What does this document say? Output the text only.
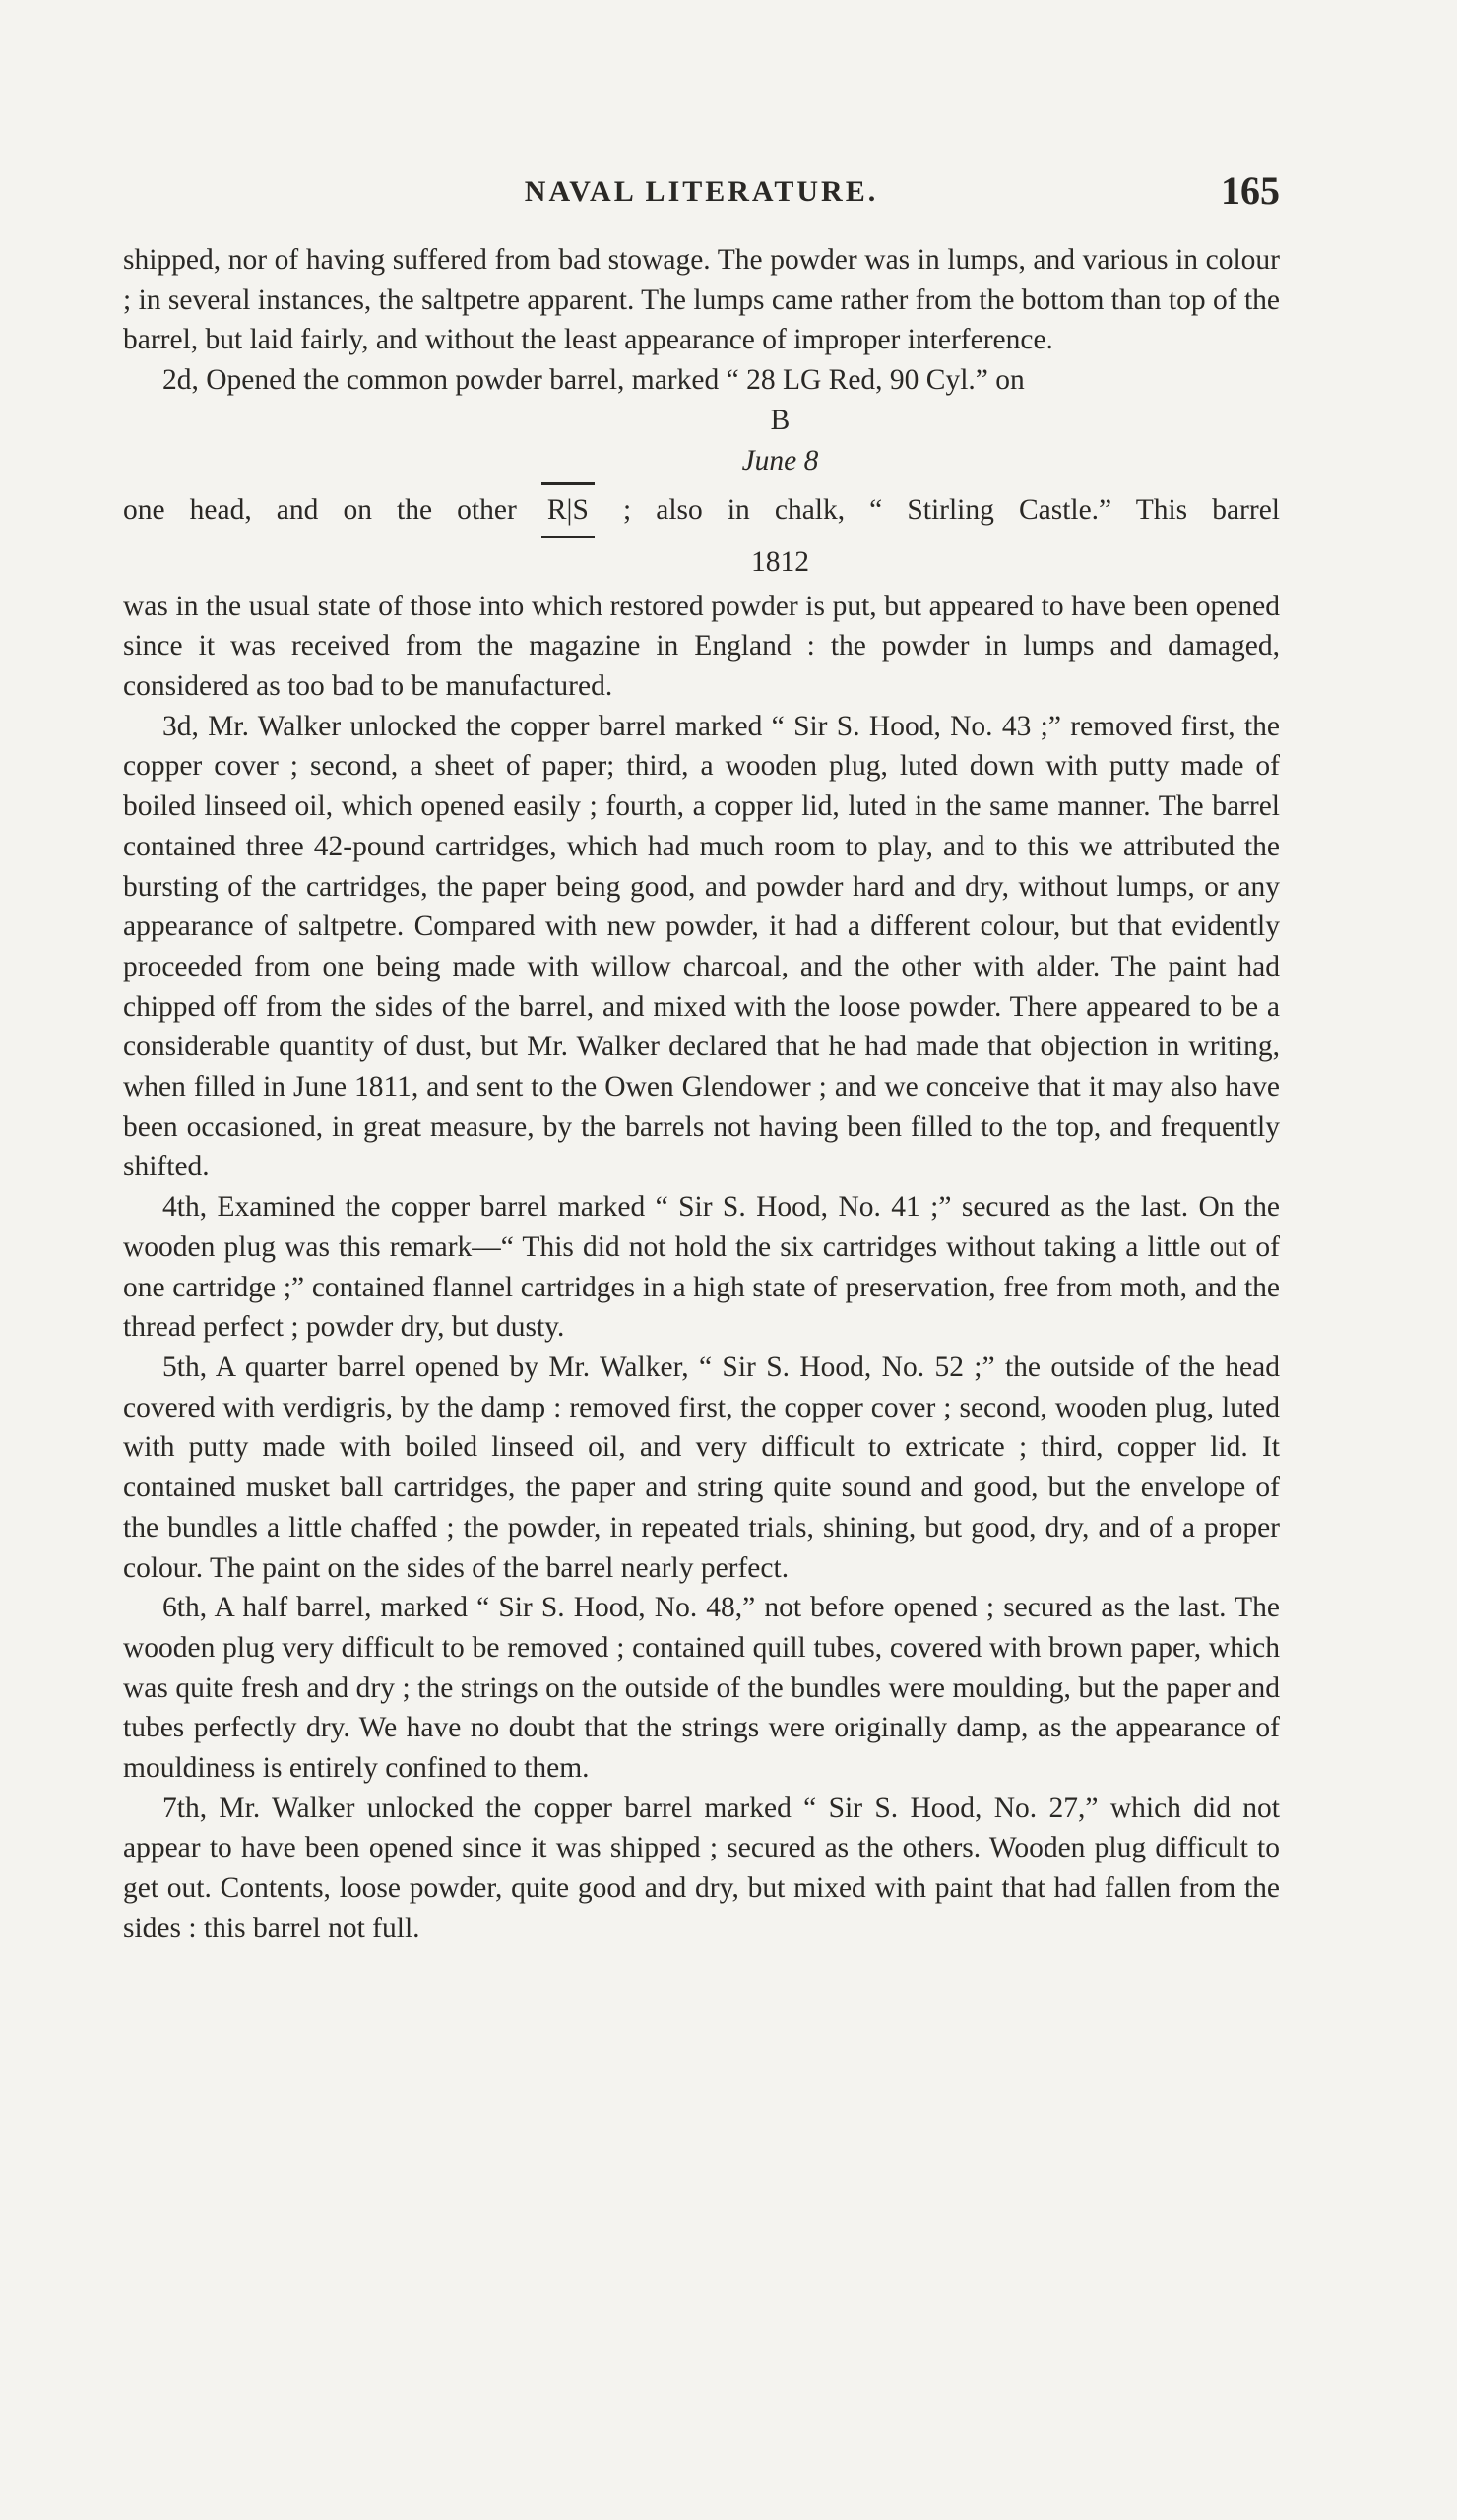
NAVAL LITERATURE.	165

shipped, nor of having suffered from bad stowage. The powder was in lumps, and various in colour ; in several instances, the saltpetre apparent. The lumps came rather from the bottom than top of the barrel, but laid fairly, and without the least appearance of improper interference.

2d, Opened the common powder barrel, marked “ 28 LG Red, 90 Cyl.” on

B
June 8
one head, and on the other R|S ; also in chalk, “ Stirling Castle.” This barrel
1812

was in the usual state of those into which restored powder is put, but appeared to have been opened since it was received from the magazine in England : the powder in lumps and damaged, considered as too bad to be manufactured.

3d, Mr. Walker unlocked the copper barrel marked “ Sir S. Hood, No. 43 ;” removed first, the copper cover ; second, a sheet of paper; third, a wooden plug, luted down with putty made of boiled linseed oil, which opened easily ; fourth, a copper lid, luted in the same manner. The barrel contained three 42-pound cartridges, which had much room to play, and to this we attributed the bursting of the cartridges, the paper being good, and powder hard and dry, without lumps, or any appearance of saltpetre. Compared with new powder, it had a different colour, but that evidently proceeded from one being made with willow charcoal, and the other with alder. The paint had chipped off from the sides of the barrel, and mixed with the loose powder. There appeared to be a considerable quantity of dust, but Mr. Walker declared that he had made that objection in writing, when filled in June 1811, and sent to the Owen Glendower ; and we conceive that it may also have been occasioned, in great measure, by the barrels not having been filled to the top, and frequently shifted.

4th, Examined the copper barrel marked “ Sir S. Hood, No. 41 ;” secured as the last. On the wooden plug was this remark—“ This did not hold the six cartridges without taking a little out of one cartridge ;” contained flannel cartridges in a high state of preservation, free from moth, and the thread perfect ; powder dry, but dusty.

5th, A quarter barrel opened by Mr. Walker, “ Sir S. Hood, No. 52 ;” the outside of the head covered with verdigris, by the damp : removed first, the copper cover ; second, wooden plug, luted with putty made with boiled linseed oil, and very difficult to extricate ; third, copper lid. It contained musket ball cartridges, the paper and string quite sound and good, but the envelope of the bundles a little chaffed ; the powder, in repeated trials, shining, but good, dry, and of a proper colour. The paint on the sides of the barrel nearly perfect.

6th, A half barrel, marked “ Sir S. Hood, No. 48,” not before opened ; secured as the last. The wooden plug very difficult to be removed ; contained quill tubes, covered with brown paper, which was quite fresh and dry ; the strings on the outside of the bundles were moulding, but the paper and tubes perfectly dry. We have no doubt that the strings were originally damp, as the appearance of mouldiness is entirely confined to them.

7th, Mr. Walker unlocked the copper barrel marked “ Sir S. Hood, No. 27,” which did not appear to have been opened since it was shipped ; secured as the others. Wooden plug difficult to get out. Contents, loose powder, quite good and dry, but mixed with paint that had fallen from the sides : this barrel not full.
